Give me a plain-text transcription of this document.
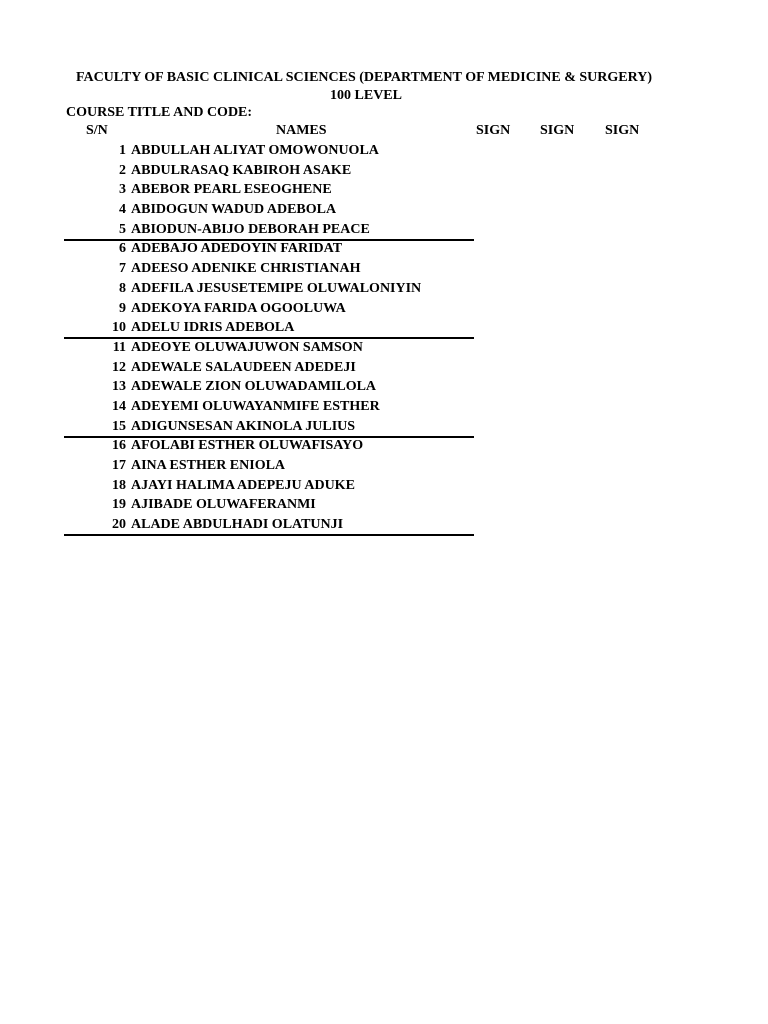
FACULTY OF BASIC CLINICAL SCIENCES (DEPARTMENT OF MEDICINE & SURGERY)
100 LEVEL
COURSE TITLE AND CODE:
S/N	NAMES	SIGN SIGN SIGN
1 ABDULLAH ALIYAT OMOWONUOLA
2 ABDULRASAQ KABIROH ASAKE
3 ABEBOR PEARL ESEOGHENE
4 ABIDOGUN WADUD ADEBOLA
5 ABIODUN-ABIJO DEBORAH PEACE
6 ADEBAJO ADEDOYIN FARIDAT
7 ADEESO ADENIKE CHRISTIANAH
8 ADEFILA JESUSETEMIPE OLUWALONIYIN
9 ADEKOYA FARIDA OGOOLUWA
10 ADELU IDRIS ADEBOLA
11 ADEOYE OLUWAJUWON SAMSON
12 ADEWALE SALAUDEEN ADEDEJI
13 ADEWALE ZION OLUWADAMILOLA
14 ADEYEMI OLUWAYANMIFE ESTHER
15 ADIGUNSESAN AKINOLA JULIUS
16 AFOLABI ESTHER OLUWAFISAYO
17 AINA ESTHER ENIOLA
18 AJAYI HALIMA ADEPEJU ADUKE
19 AJIBADE OLUWAFERANMI
20 ALADE ABDULHADI OLATUNJI
